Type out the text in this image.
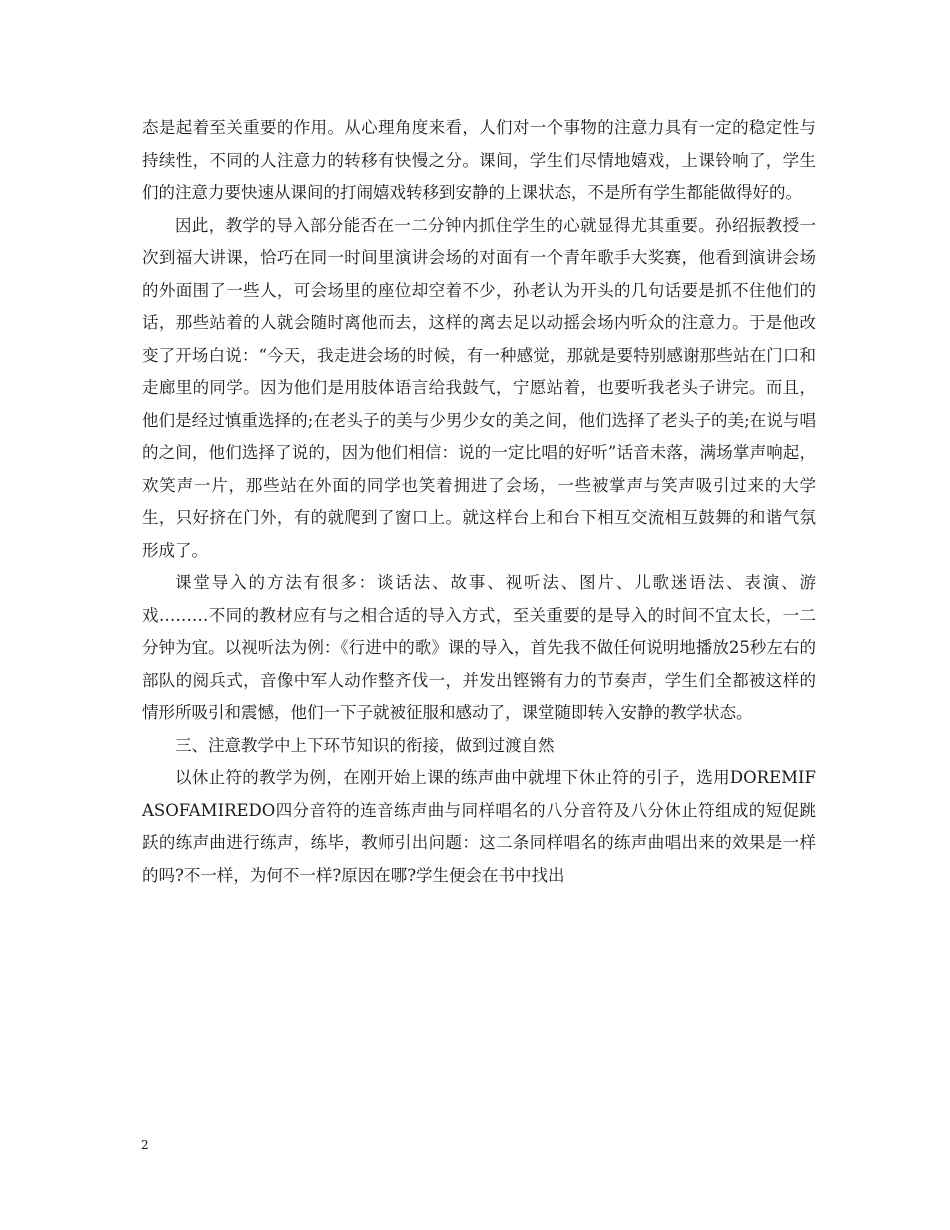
态是起着至关重要的作用。从心理角度来看，人们对一个事物的注意力具有一定的稳定性与持续性，不同的人注意力的转移有快慢之分。课间，学生们尽情地嬉戏，上课铃响了，学生们的注意力要快速从课间的打闹嬉戏转移到安静的上课状态，不是所有学生都能做得好的。

因此，教学的导入部分能否在一二分钟内抓住学生的心就显得尤其重要。孙绍振教授一次到福大讲课，恰巧在同一时间里演讲会场的对面有一个青年歌手大奖赛，他看到演讲会场的外面围了一些人，可会场里的座位却空着不少，孙老认为开头的几句话要是抓不住他们的话，那些站着的人就会随时离他而去，这样的离去足以动摇会场内听众的注意力。于是他改变了开场白说：“今天，我走进会场的时候，有一种感觉，那就是要特别感谢那些站在门口和走廊里的同学。因为他们是用肢体语言给我鼓气，宁愿站着，也要听我老头子讲完。而且，他们是经过慎重选择的;在老头子的美与少男少女的美之间，他们选择了老头子的美;在说与唱的之间，他们选择了说的，因为他们相信：说的一定比唱的好听”话音未落，满场掌声响起，欢笑声一片，那些站在外面的同学也笑着拥进了会场，一些被掌声与笑声吸引过来的大学生，只好挤在门外，有的就爬到了窗口上。就这样台上和台下相互交流相互鼓舞的和谐气氛形成了。

课堂导入的方法有很多：谈话法、故事、视听法、图片、儿歌迷语法、表演、游戏………不同的教材应有与之相合适的导入方式，至关重要的是导入的时间不宜太长，一二分钟为宜。以视听法为例：《行进中的歌》课的导入，首先我不做任何说明地播放25秒左右的部队的阅兵式，音像中军人动作整齐伐一，并发出铿锵有力的节奏声，学生们全都被这样的情形所吸引和震憾，他们一下子就被征服和感动了，课堂随即转入安静的教学状态。

三、注意教学中上下环节知识的衔接，做到过渡自然

以休止符的教学为例，在刚开始上课的练声曲中就埋下休止符的引子，选用DOREMIFASOFAMIREDO四分音符的连音练声曲与同样唱名的八分音符及八分休止符组成的短促跳跃的练声曲进行练声，练毕，教师引出问题：这二条同样唱名的练声曲唱出来的效果是一样的吗?不一样，为何不一样?原因在哪?学生便会在书中找出

2
